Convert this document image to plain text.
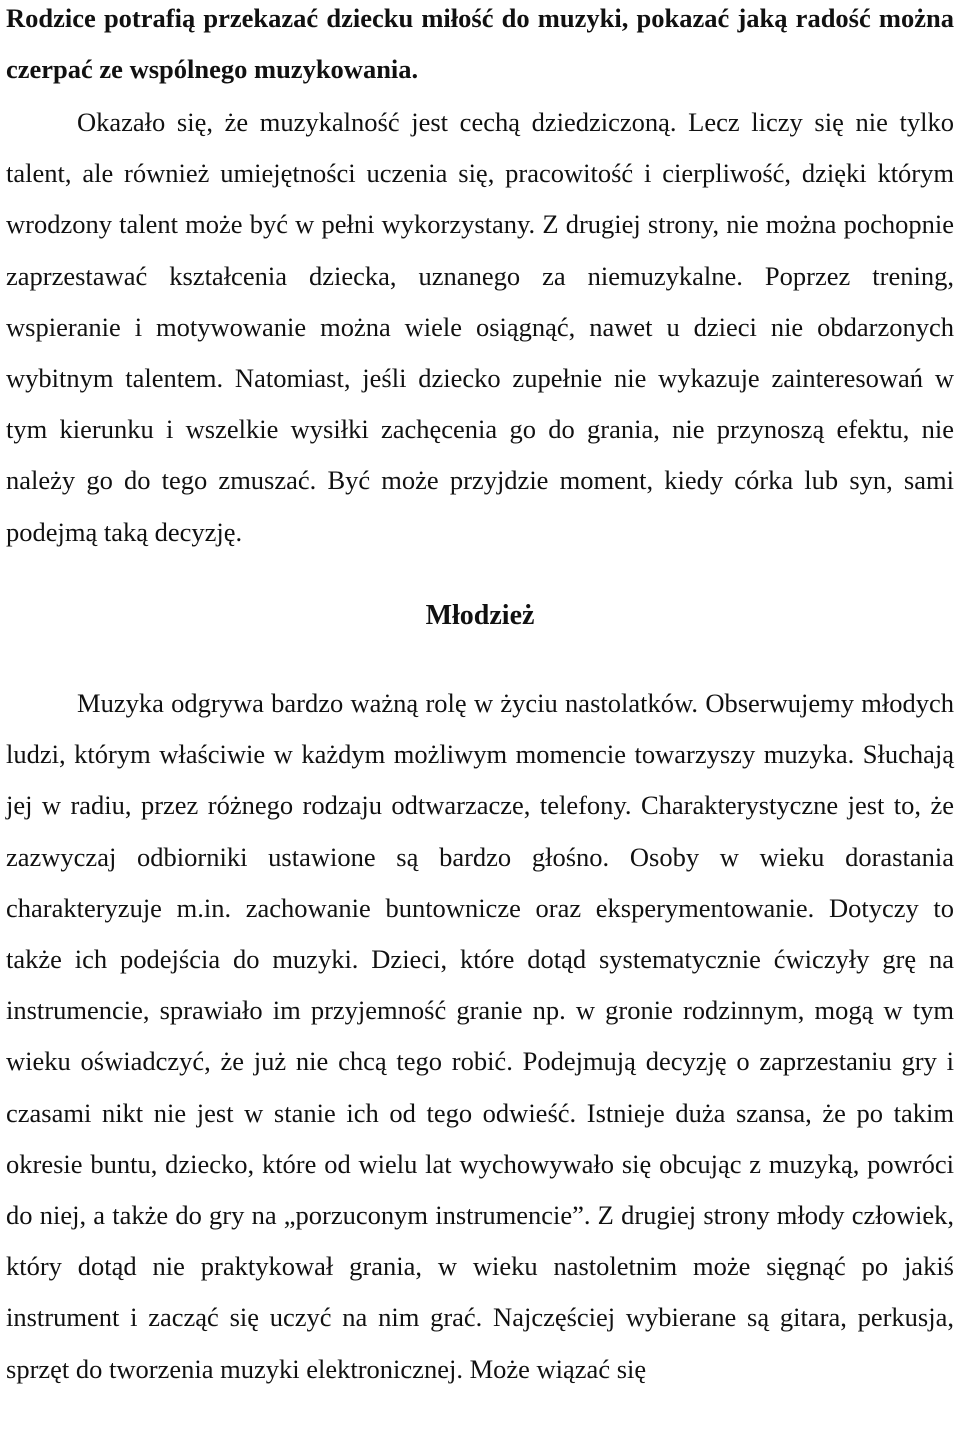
Rodzice potrafią przekazać dziecku miłość do muzyki, pokazać jaką radość można czerpać ze wspólnego muzykowania.

Okazało się, że muzykalność jest cechą dziedziczoną. Lecz liczy się nie tylko talent, ale również umiejętności uczenia się, pracowitość i cierpliwość, dzięki którym wrodzony talent może być w pełni wykorzystany. Z drugiej strony, nie można pochopnie zaprzestawać kształcenia dziecka, uznanego za niemuzykalne. Poprzez trening, wspieranie i motywowanie można wiele osiągnąć, nawet u dzieci nie obdarzonych wybitnym talentem. Natomiast, jeśli dziecko zupełnie nie wykazuje zainteresowań w tym kierunku i wszelkie wysiłki zachęcenia go do grania, nie przynoszą efektu, nie należy go do tego zmuszać. Być może przyjdzie moment, kiedy córka lub syn, sami podejmą taką decyzję.

Młodzież

Muzyka odgrywa bardzo ważną rolę w życiu nastolatków. Obserwujemy młodych ludzi, którym właściwie w każdym możliwym momencie towarzyszy muzyka. Słuchają jej w radiu, przez różnego rodzaju odtwarzacze, telefony. Charakterystyczne jest to, że zazwyczaj odbiorniki ustawione są bardzo głośno. Osoby w wieku dorastania charakteryzuje m.in. zachowanie buntownicze oraz eksperymentowanie. Dotyczy to także ich podejścia do muzyki. Dzieci, które dotąd systematycznie ćwiczyły grę na instrumencie, sprawiało im przyjemność granie np. w gronie rodzinnym, mogą w tym wieku oświadczyć, że już nie chcą tego robić. Podejmują decyzję o zaprzestaniu gry i czasami nikt nie jest w stanie ich od tego odwieść. Istnieje duża szansa, że po takim okresie buntu, dziecko, które od wielu lat wychowywało się obcując z muzyką, powróci do niej, a także do gry na „porzuconym instrumencie”. Z drugiej strony młody człowiek, który dotąd nie praktykował grania, w wieku nastoletnim może sięgnąć po jakiś instrument i zacząć się uczyć na nim grać. Najczęściej wybierane są gitara, perkusja, sprzęt do tworzenia muzyki elektronicznej. Może wiązać się
